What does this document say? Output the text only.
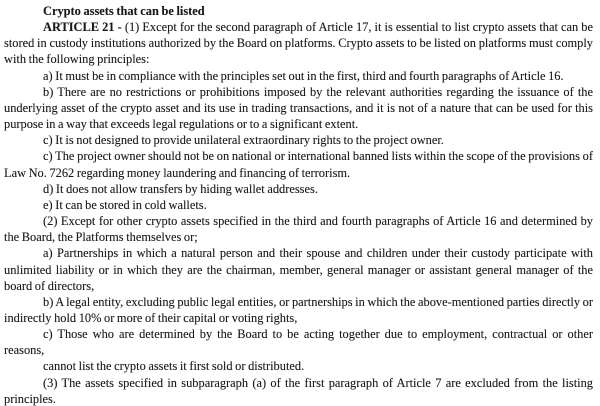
Crypto assets that can be listed

ARTICLE 21 - (1) Except for the second paragraph of Article 17, it is essential to list crypto assets that can be stored in custody institutions authorized by the Board on platforms. Crypto assets to be listed on platforms must comply with the following principles:

a) It must be in compliance with the principles set out in the first, third and fourth paragraphs of Article 16.

b) There are no restrictions or prohibitions imposed by the relevant authorities regarding the issuance of the underlying asset of the crypto asset and its use in trading transactions, and it is not of a nature that can be used for this purpose in a way that exceeds legal regulations or to a significant extent.

c) It is not designed to provide unilateral extraordinary rights to the project owner.

c) The project owner should not be on national or international banned lists within the scope of the provisions of Law No. 7262 regarding money laundering and financing of terrorism.

d) It does not allow transfers by hiding wallet addresses.

e) It can be stored in cold wallets.

(2) Except for other crypto assets specified in the third and fourth paragraphs of Article 16 and determined by the Board, the Platforms themselves or;

a) Partnerships in which a natural person and their spouse and children under their custody participate with unlimited liability or in which they are the chairman, member, general manager or assistant general manager of the board of directors,

b) A legal entity, excluding public legal entities, or partnerships in which the above-mentioned parties directly or indirectly hold 10% or more of their capital or voting rights,

c) Those who are determined by the Board to be acting together due to employment, contractual or other reasons,

cannot list the crypto assets it first sold or distributed.

(3) The assets specified in subparagraph (a) of the first paragraph of Article 7 are excluded from the listing principles.
